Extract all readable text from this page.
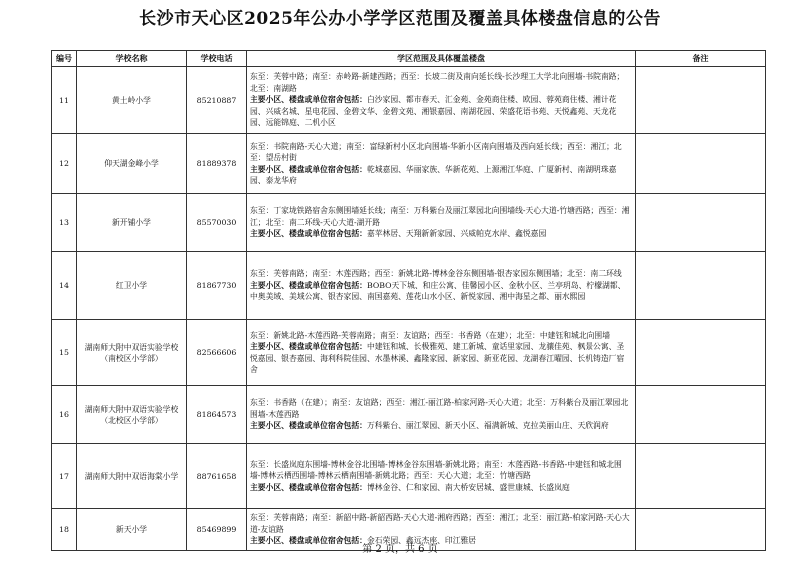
长沙市天心区2025年公办小学学区范围及覆盖具体楼盘信息的公告
编号	学校名称	学校电话	学区范围及具体覆盖楼盘	备注
11	黄土岭小学	85210887	东至：芙蓉中路；南至：赤岭路-新建西路；西至：长坡二街及南向延长线-长沙理工大学北向围墙-书院南路；北至：南湖路
主要小区、楼盘或单位宿舍包括：白沙家园、都市春天、汇金苑、金苑商住楼、欧园、蓉苑商住楼、湘计花园、兴威名城、星电花园、金碧文华、金碧文苑、湘银嘉园、南湖花园、荣盛花语书苑、天悦鑫苑、天龙花园、远能锦庭、二机小区	
12	仰天湖金峰小学	81889378	东至：书院南路-天心大道；南至：富绿新村小区北向围墙-华新小区南向围墙及西向延长线；西至：湘江；北至：望岳村街
主要小区、楼盘或单位宿舍包括：乾城嘉园、华丽家族、华新花苑、上源湘江华庭、广厦新村、南湖明珠嘉园、泰龙华府	
13	新开铺小学	85570030	东至：丁家垅铁路宿舍东侧围墙延长线；南至：万科紫台及丽江翠园北向围墙线-天心大道-竹塘西路；西至：湘江；北至：南二环线-天心大道-湖开路
主要小区、楼盘或单位宿舍包括：嘉苹林居、天翔新新家园、兴威帕克水岸、鑫悦嘉园	
14	红卫小学	81867730	东至：芙蓉南路；南至：木莲西路；西至：新姚北路-博林金谷东侧围墙-银杏家园东侧围墙；北至：南二环线
主要小区、楼盘或单位宿舍包括：BOBO天下城、和庄公寓、佳馨园小区、金秋小区、兰亭玥岛、柠檬湖都、中奥美域、美域公寓、银杏家园、南国嘉苑、莲花山水小区、新悦家园、湘中海星之都、丽水熙园	
15	湖南师大附中双语实验学校（南校区小学部）	82566606	东至：新姚北路-木莲西路-芙蓉南路；南至：友谊路；西至：书香路（在建）；北至：中建钰和城北向围墙
主要小区、楼盘或单位宿舍包括：中建钰和城、长极雅苑、建工新城、童话里家园、龙骧佳苑、枫景公寓、圣悦嘉园、银杏嘉园、海利科院佳园、水墨林溪、鑫隆家园、新家园、新亚花园、龙湖春江曜园、长机铸造厂宿舍	
16	湖南师大附中双语实验学校（北校区小学部）	81864573	东至：书香路（在建）；南至：友谊路；西至：湘江-丽江路-柏家河路-天心大道；北至：万科紫台及丽江翠园北围墙-木莲西路
主要小区、楼盘或单位宿舍包括：万科紫台、丽江翠园、新天小区、福满新城、克拉美丽山庄、天欣润府	
17	湖南师大附中双语海棠小学	88761658	东至：长盛岚庭东围墙-博林金谷北围墙-博林金谷东围墙-新姚北路；南至：木莲西路-书香路-中建钰和城北围墙-博林云栖西围墙-博林云栖南围墙-新姚北路；西至：天心大道；北至：竹塘西路
主要小区、楼盘或单位宿舍包括：博林金谷、仁和家园、南大桥安居城、盛世康城、长盛岚庭	
18	新天小学	85469899	东至：芙蓉南路；南至：新韶中路-新韶西路-天心大道-湘府西路；西至：湘江；北至：丽江路-柏家河路-天心大道-友谊路
主要小区、楼盘或单位宿舍包括：金石荣园、鑫远杰座、印江雅居	
第 2 页，共 6 页
